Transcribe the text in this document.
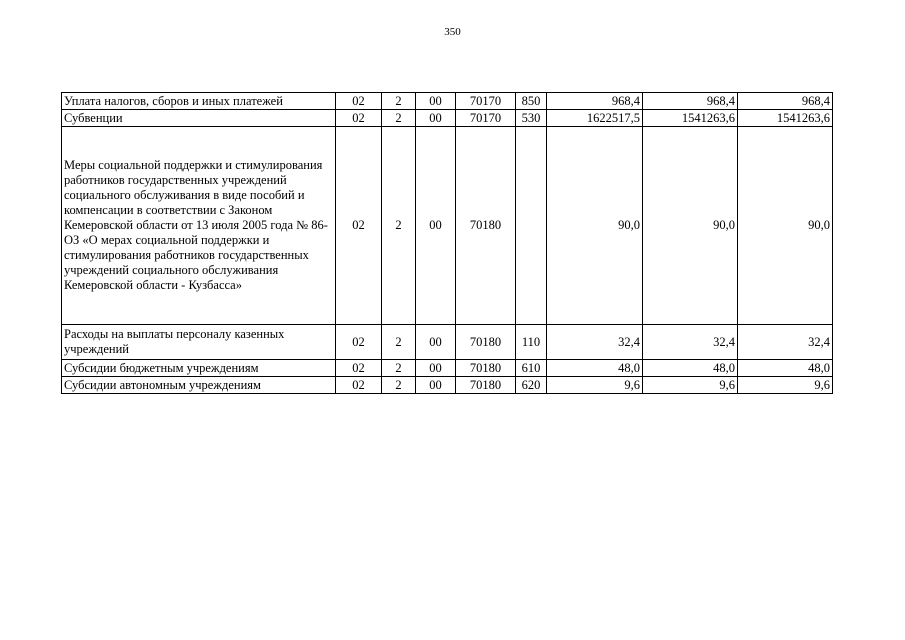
350
Уплата налогов, сборов и иных платежей	02	2	00	70170	850	968,4	968,4	968,4
Субвенции	02	2	00	70170	530	1622517,5	1541263,6	1541263,6
Меры социальной поддержки и стимулирования работников государственных учреждений социального обслуживания в виде пособий и компенсации в соответствии с Законом Кемеровской области от 13 июля 2005 года № 86-ОЗ «О мерах социальной поддержки и стимулирования работников государственных учреждений социального обслуживания Кемеровской области - Кузбасса»	02	2	00	70180		90,0	90,0	90,0
Расходы на выплаты персоналу казенных учреждений	02	2	00	70180	110	32,4	32,4	32,4
Субсидии бюджетным учреждениям	02	2	00	70180	610	48,0	48,0	48,0
Субсидии автономным учреждениям	02	2	00	70180	620	9,6	9,6	9,6
